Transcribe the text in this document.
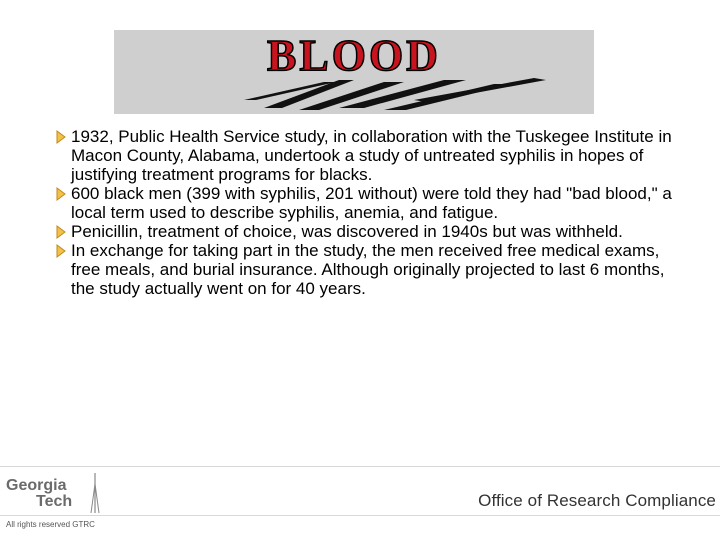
BLOOD
1932, Public Health Service study, in collaboration with the Tuskegee Institute in Macon County, Alabama, undertook a study of untreated syphilis in hopes of justifying treatment programs for blacks.
600 black men (399 with syphilis, 201 without) were told they had "bad blood," a local term used to describe syphilis, anemia, and fatigue.
Penicillin, treatment of choice, was discovered in 1940s but was withheld.
In exchange for taking part in the study, the men received free medical exams, free meals, and burial insurance. Although originally projected to last 6 months, the study actually went on for 40 years.
Georgia
Tech
All rights reserved GTRC
Office of Research Compliance
